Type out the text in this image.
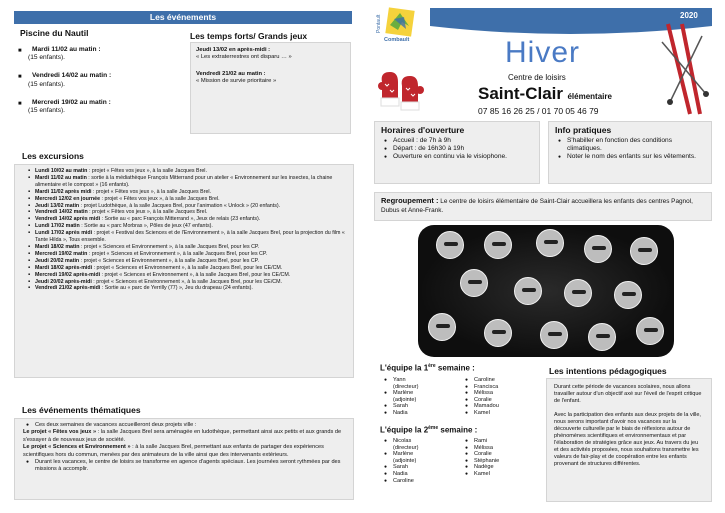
Les événements
Piscine du Nautil
Mardi 11/02 au matin :
(15 enfants).
Vendredi 14/02 au matin :
(15 enfants).
Mercredi 19/02 au matin :
(15 enfants).
Les temps forts/ Grands jeux
Jeudi 13/02 en après-midi :
« Les extraterrestres ont disparu … »
Vendredi 21/02 au matin :
« Mission de survie prioritaire »
Les excursions
▪ Lundi 10/02 au matin : projet « Fêtes vos jeux », à la salle Jacques Brel.
▪ Mardi 11/02 au matin : sortie à la médiathèque François Mitterrand pour un atelier « Environnement sur les insectes, la chaine alimentaire et le compost » (16 enfants).
▪ Mardi 11/02 après midi : projet « Fêtes vos jeux », à la salle Jacques Brel.
▪ Mercredi 12/02 en journée : projet « Fêtes vos jeux », à la salle Jacques Brel.
▪ Jeudi 13/02 matin : projet Ludothèque, à la salle Jacques Brel, pour l'animation « Unlock » (20 enfants).
▪ Vendredi 14/02 matin : projet « Fêtes vos jeux », à la salle Jacques Brel.
▪ Vendredi 14/02 après midi : Sortie au « parc François Mitterrand », Jeux de relais (23 enfants).
▪ Lundi 17/02 matin : Sortie au « parc Morbras », Pôles de jeux (47 enfants).
▪ Lundi 17/02 après midi : projet « Festival des Sciences et de l'Environnement », à la salle Jacques Brel, pour la projection du film « Tante Hilda », Tous ensemble.
▪ Mardi 18/02 matin : projet « Sciences et Environnement », à la salle Jacques Brel, pour les CP.
▪ Mercredi 19/02 matin : projet « Sciences et Environnement », à la salle Jacques Brel, pour les CP.
▪ Jeudi 20/02 matin : projet « Sciences et Environnement », à la salle Jacques Brel, pour les CP.
▪ Mardi 18/02 après-midi : projet « Sciences et Environnement », à la salle Jacques Brel, pour les CE/CM.
▪ Mercredi 19/02 après-midi : projet « Sciences et Environnement », à la salle Jacques Brel, pour les CE/CM.
▪ Jeudi 20/02 après-midi : projet « Sciences et Environnement », à la salle Jacques Brel, pour les CE/CM.
▪ Vendredi 21/02 après-midi : Sortie au « parc de Yerrilly (77) », Jeu du drapeau (24 enfants).
Les événements thématiques
● Ces deux semaines de vacances accueilleront deux projets ville :
Le projet « Fêtes vos jeux » : la salle Jacques Brel sera aménagée en ludothèque, permettant ainsi aux petits et aux grands de s'essayer à de nouveaux jeux de société.
Le projet « Sciences et Environnement » : à la salle Jacques Brel, permettant aux enfants de partager des expériences scientifiques hors du commun, menées par des animateurs de la ville ainsi que des intervenants extérieurs.
● Durant les vacances, le centre de loisirs se transforme en agence d'agents spéciaux. Les journées seront rythmées par des missions à accomplir.
Pontault
Combault
2020
Hiver
Centre de loisirs
Saint-Clair élémentaire
07 85 16 26 25 / 01 70 05 46 79
Horaires d'ouverture
● Accueil : de 7h à 9h
● Départ : de 16h30 à 19h
● Ouverture en continu via le visiophone.
Info pratiques
● S'habiller en fonction des conditions climatiques.
● Noter le nom des enfants sur les vêtements.
Regroupement : Le centre de loisirs élémentaire de Saint-Clair accueillera les enfants des centres Pagnol, Dubus et Anne-Frank.
L'équipe la 1ère semaine :
● Yann
(directeur)
● Marlène
(adjointe)
● Sarah
● Nadia
● Caroline
● Francisca
● Mélissa
● Coralie
● Mamadou
● Kamel
L'équipe la 2ème semaine :
● Nicolas
(directeur)
● Marlène
(adjointe)
● Sarah
● Nadia
● Caroline
● Rami
● Mélissa
● Coralie
● Stéphanie
● Nadège
● Kamel
Les intentions pédagogiques
Durant cette période de vacances scolaires, nous allons travailler autour d'un objectif axé sur l'éveil de l'esprit critique de l'enfant.
Avec la participation des enfants aux deux projets de la ville, nous serons important d'avoir nos vacances sur la découverte culturelle par le biais de réflexions autour de phénomènes scientifiques et environnementaux et par l'élaboration de stratégies grâce aux jeux. Au travers du jeu et des activités proposées, nous souhaitons transmettre les valeurs de fair-play et de coopération entre les enfants provenant de structures différentes.
